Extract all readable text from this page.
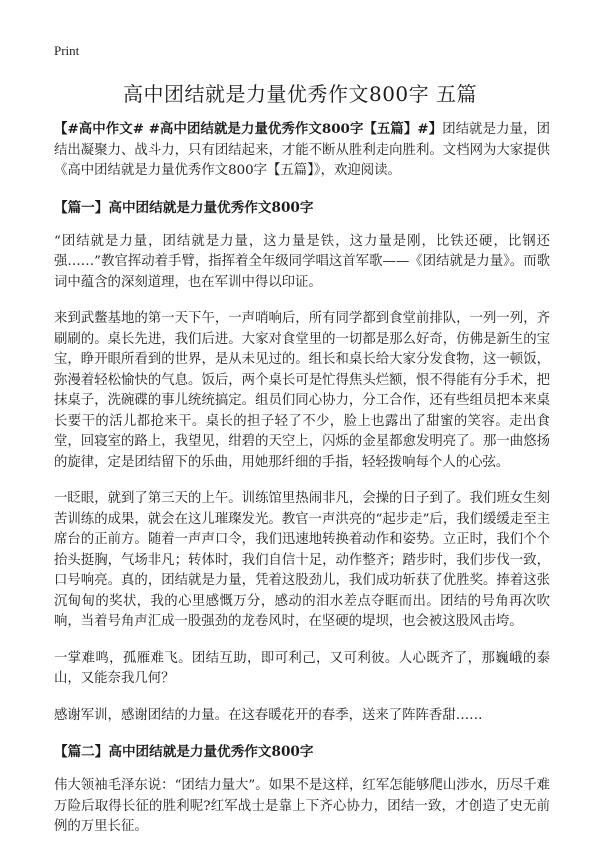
Print
高中团结就是力量优秀作文800字 五篇

【#高中作文# #高中团结就是力量优秀作文800字【五篇】#】团结就是力量，团结出凝聚力、战斗力，只有团结起来，才能不断从胜利走向胜利。文档网为大家提供《高中团结就是力量优秀作文800字【五篇】》，欢迎阅读。

【篇一】高中团结就是力量优秀作文800字

“团结就是力量，团结就是力量，这力量是铁，这力量是刚，比铁还硬，比钢还强……”教官挥动着手臂，指挥着全年级同学唱这首军歌——《团结就是力量》。而歌词中蕴含的深刻道理，也在军训中得以印证。

来到武鳖基地的第一天下午，一声哨响后，所有同学都到食堂前排队，一列一列，齐刷刷的。桌长先进，我们后进。大家对食堂里的一切都是那么好奇，仿佛是新生的宝宝，睁开眼所看到的世界，是从未见过的。组长和桌长给大家分发食物，这一顿饭，弥漫着轻松愉快的气息。饭后，两个桌长可是忙得焦头烂额，恨不得能有分手术，把抹桌子，洗碗碟的事儿统统搞定。组员们同心协力，分工合作，还有些组员把本来桌长要干的活儿都抢来干。桌长的担子轻了不少，脸上也露出了甜蜜的笑容。走出食堂，回寝室的路上，我望见，绀碧的天空上，闪烁的金星都愈发明亮了。那一曲悠扬的旋律，定是团结留下的乐曲，用她那纤细的手指，轻轻拨响每个人的心弦。

一眨眼，就到了第三天的上午。训练馆里热闹非凡，会操的日子到了。我们班女生刻苦训练的成果，就会在这儿璀璨发光。教官一声洪亮的“起步走”后，我们缓缓走至主席台的正前方。随着一声声口令，我们迅速地转换着动作和姿势。立正时，我们个个抬头挺胸，气场非凡；转体时，我们自信十足，动作整齐；踏步时，我们步伐一致，口号响亮。真的，团结就是力量，凭着这股劲儿，我们成功斩获了优胜奖。捧着这张沉甸甸的奖状，我的心里感慨万分，感动的泪水差点夺眶而出。团结的号角再次吹响，当着号角声汇成一股强劲的龙卷风时，在坚硬的堤坝，也会被这股风击垮。

一掌难鸣，孤雁难飞。团结互助，即可利己，又可利彼。人心既齐了，那巍峨的泰山，又能奈我几何？

感谢军训，感谢团结的力量。在这春暖花开的春季，送来了阵阵香甜……

【篇二】高中团结就是力量优秀作文800字

伟大领袖毛泽东说：“团结力量大”。如果不是这样，红军怎能够爬山涉水，历尽千难万险后取得长征的胜利呢?红军战士是靠上下齐心协力，团结一致，才创造了史无前例的万里长征。
